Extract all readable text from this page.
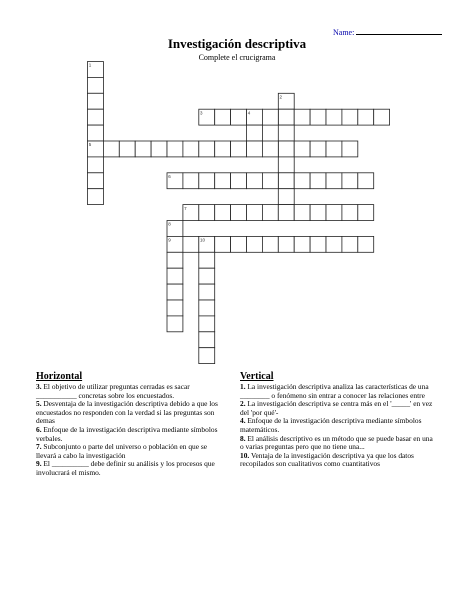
Name:
Investigación descriptiva
Complete el crucigrama
1
2
3	4
5
6
7
8
9	10
Horizontal

3. El objetivo de utilizar preguntas cerradas es sacar ___________ concretas sobre los encuestados.

5. Desventaja de la investigación descriptiva debido a que los encuestados no responden con la verdad si las preguntas son demas

6. Enfoque de la investigación descriptiva mediante símbolos verbales.

7. Subconjunto o parte del universo o población en que se llevará a cabo la investigación

9. El __________ debe definir su análisis y los procesos que involucrará el mismo.

Vertical

1. La investigación descriptiva analiza las características de una ________ o fenómeno sin entrar a conocer las relaciones entre

2. La investigación descriptiva se centra más en el '_____' en vez del 'por qué'-

4. Enfoque de la investigación descriptiva mediante símbolos matemáticos.

8. El análisis descriptivo es un método que se puede basar en una o varias preguntas pero que no tiene una...

10. Ventaja de la investigación descriptiva ya que los datos recopilados son cualitativos como cuantitativos
